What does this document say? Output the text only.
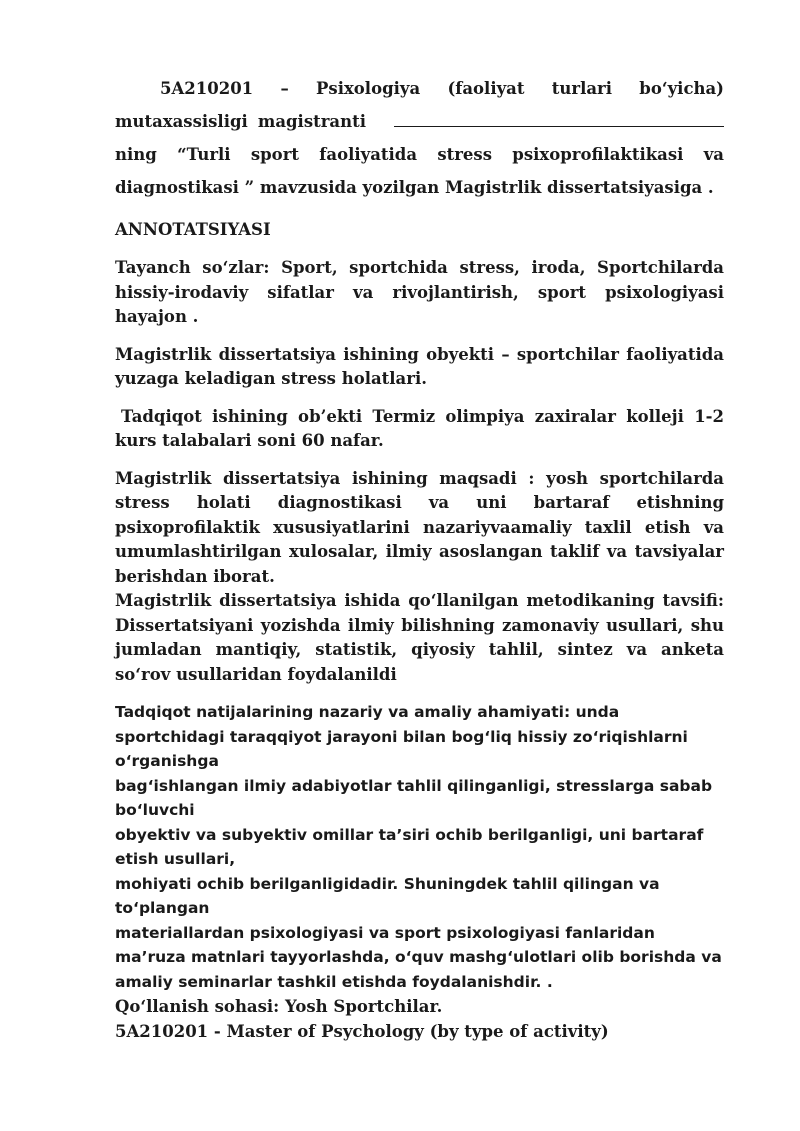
5A210201 – Psixologiya (faoliyat turlari bo‘yicha) mutaxassisligi magistrantining “Turli sport faoliyatida stress psixoprofilaktikasi va diagnostikasi ” mavzusida yozilgan Magistrlik dissertatsiyasiga .

ANNOTATSIYASI

Tayanch so‘zlar: Sport, sportchida stress, iroda, Sportchilarda hissiy-irodaviy sifatlar va rivojlantirish, sport psixologiyasi hayajon .

Magistrlik dissertatsiya ishining obyekti – sportchilar faoliyatida yuzaga keladigan stress holatlari.

Tadqiqot ishining ob’ekti Termiz olimpiya zaxiralar kolleji 1-2 kurs talabalari soni 60 nafar.

Magistrlik dissertatsiya ishining maqsadi : yosh sportchilarda stress holati diagnostikasi va uni bartaraf etishning psixoprofilaktik xususiyatlarini nazariyvaamaliy taxlil etish va umumlashtirilgan xulosalar, ilmiy asoslangan taklif va tavsiyalar berishdan iborat.

Magistrlik dissertatsiya ishida qo‘llanilgan metodikaning tavsifi: Dissertatsiyani yozishda ilmiy bilishning zamonaviy usullari, shu jumladan mantiqiy, statistik, qiyosiy tahlil, sintez va anketa so‘rov usullaridan foydalanildi

Tadqiqot natijalarining nazariy va amaliy ahamiyati: unda
sportchidagi taraqqiyot jarayoni bilan bog‘liq hissiy zo‘riqishlarni
o‘rganishga
bag‘ishlangan ilmiy adabiyotlar tahlil qilinganligi, stresslarga sabab
bo‘luvchi
obyektiv va subyektiv omillar ta’siri ochib berilganligi, uni bartaraf
etish usullari,
mohiyati ochib berilganligidadir. Shuningdek tahlil qilingan va
to‘plangan
materiallardan psixologiyasi va sport psixologiyasi fanlaridan
ma’ruza matnlari tayyorlashda, o‘quv mashg‘ulotlari olib borishda va
amaliy seminarlar tashkil etishda foydalanishdir. .

Qo‘llanish sohasi: Yosh Sportchilar.

5A210201 - Master of Psychology (by type of activity)
